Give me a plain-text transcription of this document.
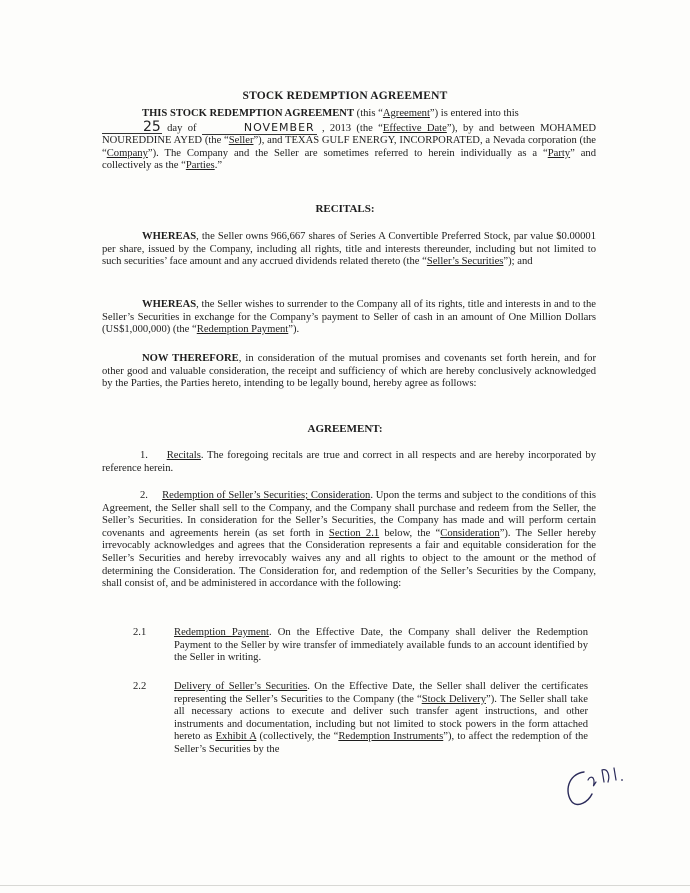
STOCK REDEMPTION AGREEMENT

THIS STOCK REDEMPTION AGREEMENT (this “Agreement”) is entered into this
25 day of	NOVEMBER , 2013 (the “Effective Date”), by and between MOHAMED NOUREDDINE AYED (the “Seller”), and TEXAS GULF ENERGY, INCORPORATED, a Nevada corporation (the “Company”). The Company and the Seller are sometimes referred to herein individually as a “Party” and collectively as the “Parties.”

RECITALS:

WHEREAS, the Seller owns 966,667 shares of Series A Convertible Preferred Stock, par value $0.00001 per share, issued by the Company, including all rights, title and interests thereunder, including but not limited to such securities’ face amount and any accrued dividends related thereto (the “Seller’s Securities”); and

WHEREAS, the Seller wishes to surrender to the Company all of its rights, title and interests in and to the Seller’s Securities in exchange for the Company’s payment to Seller of cash in an amount of One Million Dollars (US$1,000,000) (the “Redemption Payment”).

NOW THEREFORE, in consideration of the mutual promises and covenants set forth herein, and for other good and valuable consideration, the receipt and sufficiency of which are hereby conclusively acknowledged by the Parties, the Parties hereto, intending to be legally bound, hereby agree as follows:

AGREEMENT:

1. Recitals. The foregoing recitals are true and correct in all respects and are hereby incorporated by reference herein.

2. Redemption of Seller’s Securities; Consideration. Upon the terms and subject to the conditions of this Agreement, the Seller shall sell to the Company, and the Company shall purchase and redeem from the Seller, the Seller’s Securities. In consideration for the Seller’s Securities, the Company has made and will perform certain covenants and agreements herein (as set forth in Section 2.1 below, the “Consideration”). The Seller hereby irrevocably acknowledges and agrees that the Consideration represents a fair and equitable consideration for the Seller’s Securities and hereby irrevocably waives any and all rights to object to the amount or the method of determining the Consideration. The Consideration for, and redemption of the Seller’s Securities by the Company, shall consist of, and be administered in accordance with the following:

2.1	Redemption Payment. On the Effective Date, the Company shall deliver the Redemption Payment to the Seller by wire transfer of immediately available funds to an account identified by the Seller in writing.

2.2	Delivery of Seller’s Securities. On the Effective Date, the Seller shall deliver the certificates representing the Seller’s Securities to the Company (the “Stock Delivery”). The Seller shall take all necessary actions to execute and deliver such transfer agent instructions, and other instruments and documentation, including but not limited to stock powers in the form attached hereto as Exhibit A (collectively, the “Redemption Instruments”), to affect the redemption of the Seller’s Securities by the
